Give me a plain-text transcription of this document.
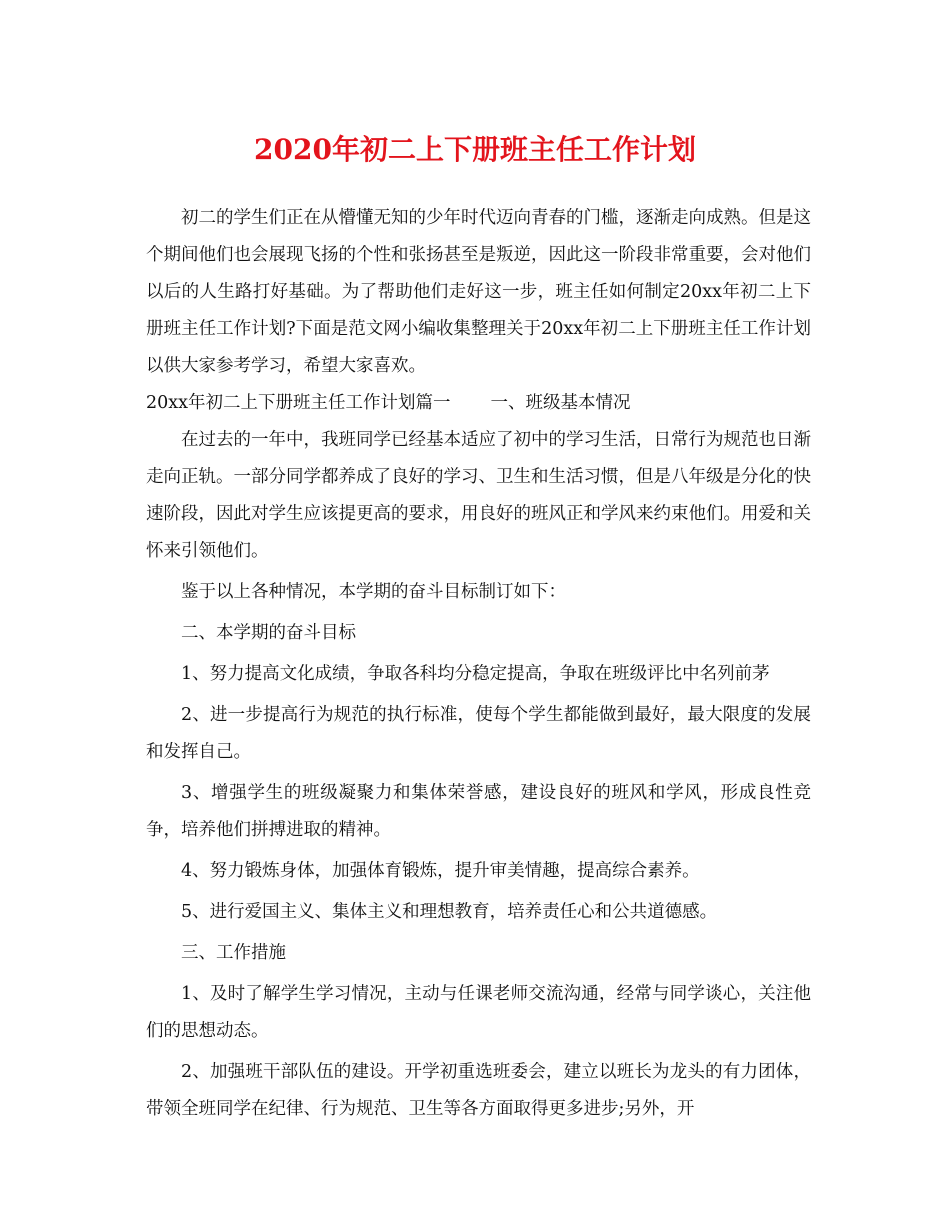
2020年初二上下册班主任工作计划

初二的学生们正在从懵懂无知的少年时代迈向青春的门槛，逐渐走向成熟。但是这个期间他们也会展现飞扬的个性和张扬甚至是叛逆，因此这一阶段非常重要，会对他们以后的人生路打好基础。为了帮助他们走好这一步，班主任如何制定20xx年初二上下册班主任工作计划?下面是范文网小编收集整理关于20xx年初二上下册班主任工作计划以供大家参考学习，希望大家喜欢。

20xx年初二上下册班主任工作计划篇一 一、班级基本情况

在过去的一年中，我班同学已经基本适应了初中的学习生活，日常行为规范也日渐走向正轨。一部分同学都养成了良好的学习、卫生和生活习惯，但是八年级是分化的快速阶段，因此对学生应该提更高的要求，用良好的班风正和学风来约束他们。用爱和关怀来引领他们。

鉴于以上各种情况，本学期的奋斗目标制订如下：

二、本学期的奋斗目标

1、努力提高文化成绩，争取各科均分稳定提高，争取在班级评比中名列前茅

2、进一步提高行为规范的执行标准，使每个学生都能做到最好，最大限度的发展和发挥自己。

3、增强学生的班级凝聚力和集体荣誉感，建设良好的班风和学风，形成良性竞争，培养他们拼搏进取的精神。

4、努力锻炼身体，加强体育锻炼，提升审美情趣，提高综合素养。

5、进行爱国主义、集体主义和理想教育，培养责任心和公共道德感。

三、工作措施

1、及时了解学生学习情况，主动与任课老师交流沟通，经常与同学谈心，关注他们的思想动态。

2、加强班干部队伍的建设。开学初重选班委会，建立以班长为龙头的有力团体，带领全班同学在纪律、行为规范、卫生等各方面取得更多进步;另外，开
